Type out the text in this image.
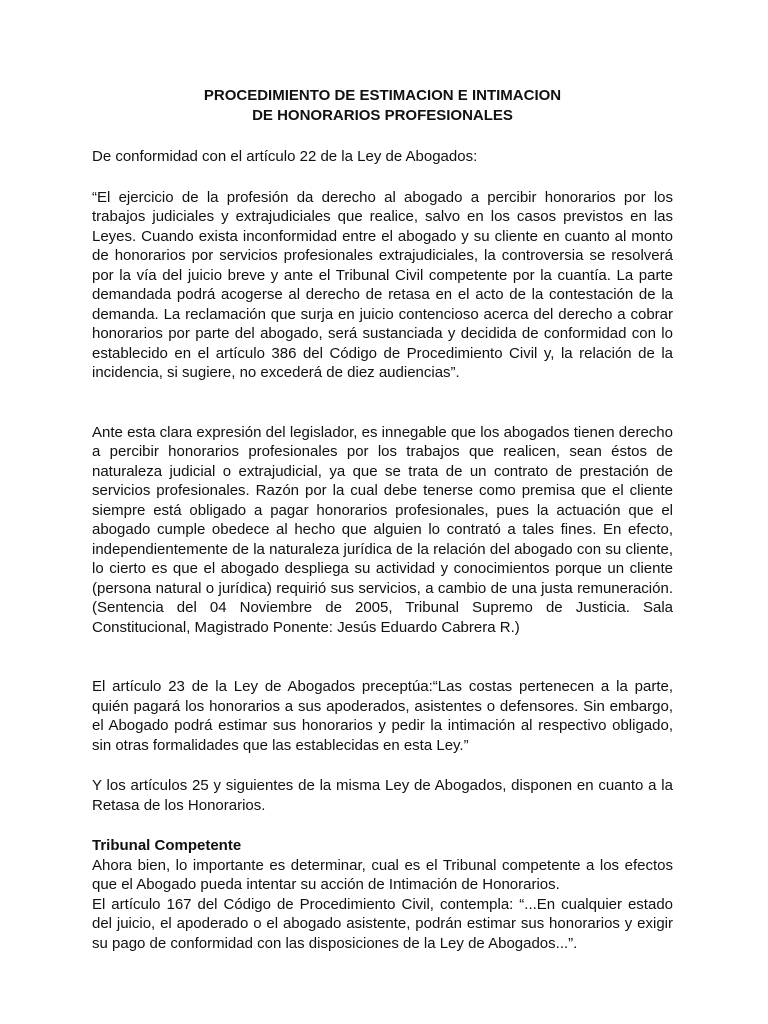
PROCEDIMIENTO DE ESTIMACION E INTIMACION
DE HONORARIOS PROFESIONALES

De conformidad con el artículo 22 de la Ley de Abogados:

“El ejercicio de la profesión da derecho al abogado a percibir honorarios por los trabajos judiciales y extrajudiciales que realice, salvo en los casos previstos en las Leyes. Cuando exista inconformidad entre el abogado y su cliente en cuanto al monto de honorarios por servicios profesionales extrajudiciales, la controversia se resolverá por la vía del juicio breve y ante el Tribunal Civil competente por la cuantía. La parte demandada podrá acogerse al derecho de retasa en el acto de la contestación de la demanda. La reclamación que surja en juicio contencioso acerca del derecho a cobrar honorarios por parte del abogado, será sustanciada y decidida de conformidad con lo establecido en el artículo 386 del Código de Procedimiento Civil y, la relación de la incidencia, si sugiere, no excederá de diez audiencias”.

Ante esta clara expresión del legislador, es innegable que los abogados tienen derecho a percibir honorarios profesionales por los trabajos que realicen, sean éstos de naturaleza judicial o extrajudicial, ya que se trata de un contrato de prestación de servicios profesionales. Razón por la cual debe tenerse como premisa que el cliente siempre está obligado a pagar honorarios profesionales, pues la actuación que el abogado cumple obedece al hecho que alguien lo contrató a tales fines. En efecto, independientemente de la naturaleza jurídica de la relación del abogado con su cliente, lo cierto es que el abogado despliega su actividad y conocimientos porque un cliente (persona natural o jurídica) requirió sus servicios, a cambio de una justa remuneración. (Sentencia del 04 Noviembre de 2005, Tribunal Supremo de Justicia. Sala Constitucional, Magistrado Ponente: Jesús Eduardo Cabrera R.)

El artículo 23 de la Ley de Abogados preceptúa:“Las costas pertenecen a la parte, quién pagará los honorarios a sus apoderados, asistentes o defensores. Sin embargo, el Abogado podrá estimar sus honorarios y pedir la intimación al respectivo obligado, sin otras formalidades que las establecidas en esta Ley.”

Y los artículos 25 y siguientes de la misma Ley de Abogados, disponen en cuanto a la Retasa de los Honorarios.

Tribunal Competente

Ahora bien, lo importante es determinar, cual es el Tribunal competente a los efectos que el Abogado pueda intentar su acción de Intimación de Honorarios.

El artículo 167 del Código de Procedimiento Civil, contempla: “...En cualquier estado del juicio, el apoderado o el abogado asistente, podrán estimar sus honorarios y exigir su pago de conformidad con las disposiciones de la Ley de Abogados...”.
